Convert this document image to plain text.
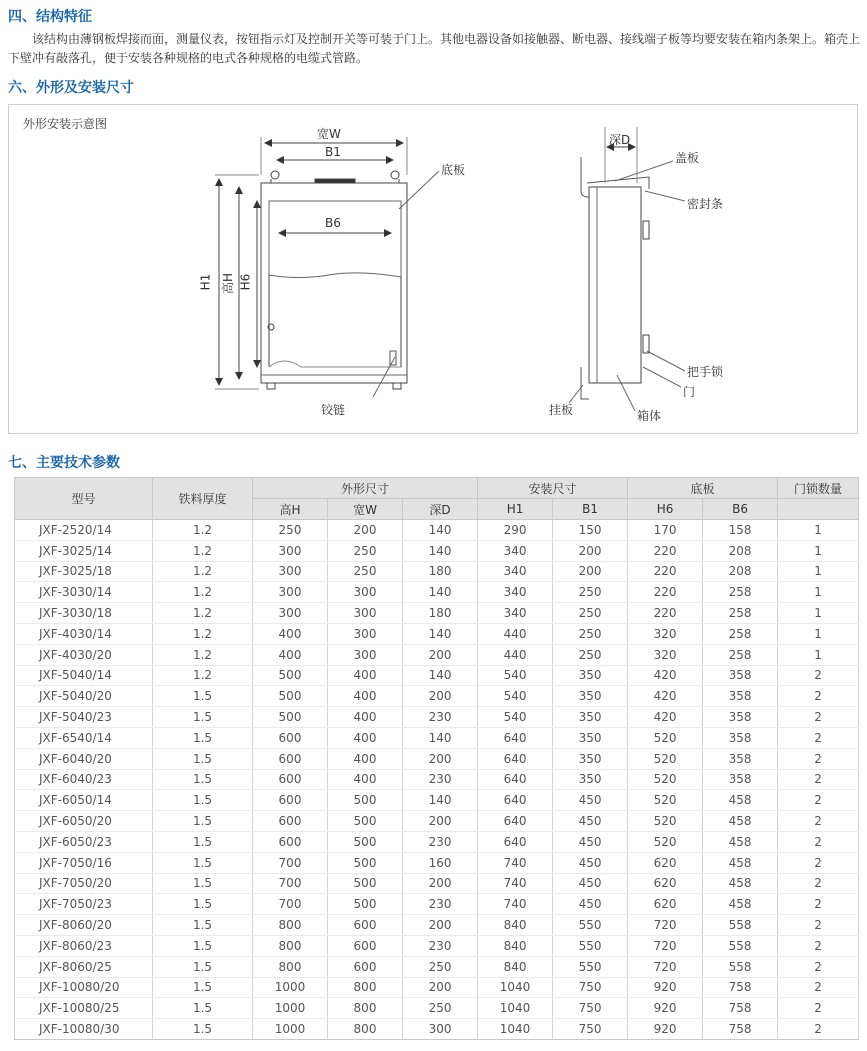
四、结构特征
该结构由薄钢板焊接而面，测量仪表，按钮指示灯及控制开关等可装于门上。其他电器设备如接触器、断电器、接线端子板等均要安装在箱内条架上。箱壳上下壁冲有敲落孔，便于安装各种规格的电式各种规格的电缆式管路。
六、外形及安装尺寸
外形安装示意图
宽W
B1
B6
H1 高H H6
底板
铰链
深D
盖板
密封条
把手锁
门
挂板	箱体
七、主要技术参数
型号	铁料厚度	外形尺寸			安装尺寸		底板		门锁数量
		高H	宽W	深D	H1	B1	H6	B6	
JXF-2520/14	1.2	250	200	140	290	150	170	158	1
JXF-3025/14	1.2	300	250	140	340	200	220	208	1
JXF-3025/18	1.2	300	250	180	340	200	220	208	1
JXF-3030/14	1.2	300	300	140	340	250	220	258	1
JXF-3030/18	1.2	300	300	180	340	250	220	258	1
JXF-4030/14	1.2	400	300	140	440	250	320	258	1
JXF-4030/20	1.2	400	300	200	440	250	320	258	1
JXF-5040/14	1.2	500	400	140	540	350	420	358	2
JXF-5040/20	1.5	500	400	200	540	350	420	358	2
JXF-5040/23	1.5	500	400	230	540	350	420	358	2
JXF-6540/14	1.5	600	400	140	640	350	520	358	2
JXF-6040/20	1.5	600	400	200	640	350	520	358	2
JXF-6040/23	1.5	600	400	230	640	350	520	358	2
JXF-6050/14	1.5	600	500	140	640	450	520	458	2
JXF-6050/20	1.5	600	500	200	640	450	520	458	2
JXF-6050/23	1.5	600	500	230	640	450	520	458	2
JXF-7050/16	1.5	700	500	160	740	450	620	458	2
JXF-7050/20	1.5	700	500	200	740	450	620	458	2
JXF-7050/23	1.5	700	500	230	740	450	620	458	2
JXF-8060/20	1.5	800	600	200	840	550	720	558	2
JXF-8060/23	1.5	800	600	230	840	550	720	558	2
JXF-8060/25	1.5	800	600	250	840	550	720	558	2
JXF-10080/20	1.5	1000	800	200	1040	750	920	758	2
JXF-10080/25	1.5	1000	800	250	1040	750	920	758	2
JXF-10080/30	1.5	1000	800	300	1040	750	920	758	2
